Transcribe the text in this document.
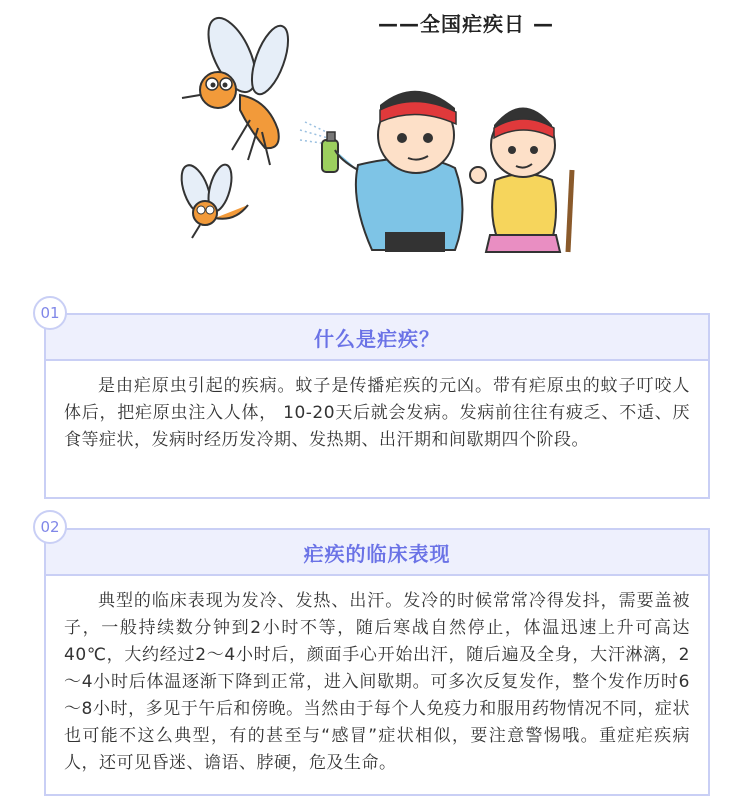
——全国疟疾日 —
01
什么是疟疾？
是由疟原虫引起的疾病。蚊子是传播疟疾的元凶。带有疟原虫的蚊子叮咬人体后，把疟原虫注入人体， 10-20天后就会发病。发病前往往有疲乏、不适、厌食等症状，发病时经历发冷期、发热期、出汗期和间歇期四个阶段。
02
疟疾的临床表现
典型的临床表现为发冷、发热、出汗。发冷的时候常常冷得发抖，需要盖被子，一般持续数分钟到2小时不等，随后寒战自然停止，体温迅速上升可高达40℃，大约经过2～4小时后，颜面手心开始出汗，随后遍及全身，大汗淋漓，2～4小时后体温逐渐下降到正常，进入间歇期。可多次反复发作，整个发作历时6～8小时，多见于午后和傍晚。当然由于每个人免疫力和服用药物情况不同，症状也可能不这么典型，有的甚至与“感冒”症状相似，要注意警惕哦。重症疟疾病人，还可见昏迷、谵语、脖硬，危及生命。
